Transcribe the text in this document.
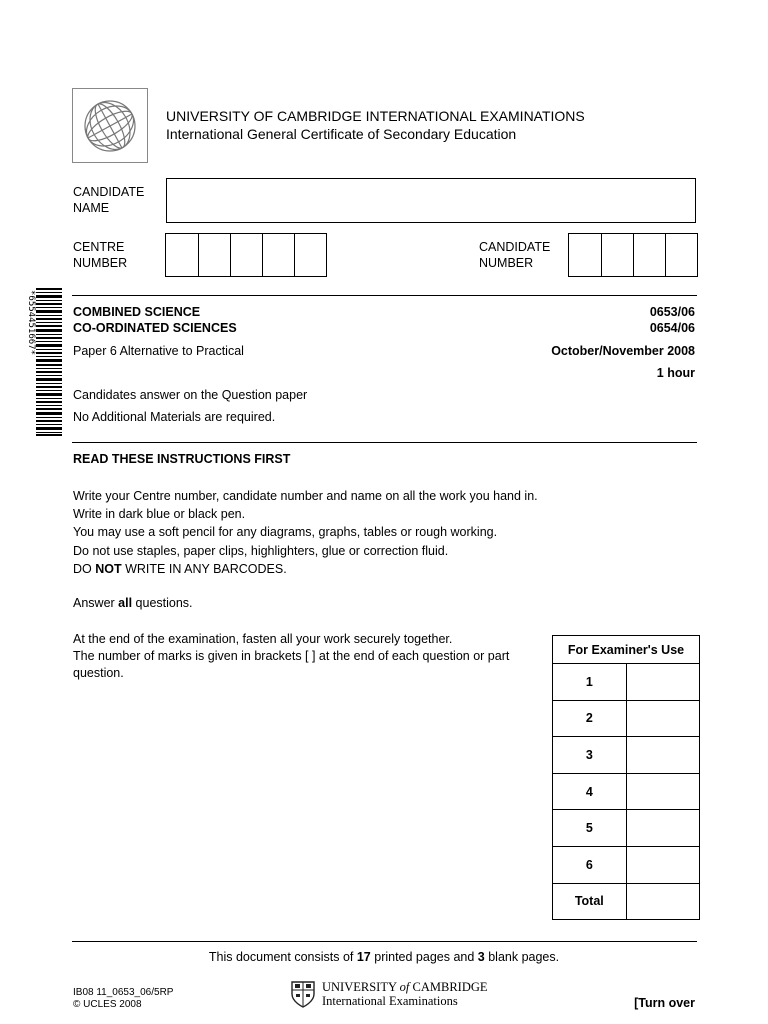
UNIVERSITY OF CAMBRIDGE INTERNATIONAL EXAMINATIONS
International General Certificate of Secondary Education
CANDIDATE
NAME
CENTRE
NUMBER
CANDIDATE
NUMBER
*6554451667*	COMBINED SCIENCE
CO-ORDINATED SCIENCES
0653/06
0654/06
Paper 6 Alternative to Practical	October/November 2008
1 hour
Candidates answer on the Question paper
No Additional Materials are required.
READ THESE INSTRUCTIONS FIRST
Write your Centre number, candidate number and name on all the work you hand in.
Write in dark blue or black pen.
You may use a soft pencil for any diagrams, graphs, tables or rough working.
Do not use staples, paper clips, highlighters, glue or correction fluid.
DO NOT WRITE IN ANY BARCODES.
Answer all questions.
At the end of the examination, fasten all your work securely together.
The number of marks is given in brackets [ ] at the end of each question or part
question.
For Examiner's Use	
1	
2	
3	
4	
5	
6	
Total	
This document consists of 17 printed pages and 3 blank pages.
IB08 11_0653_06/5RP
© UCLES 2008
UNIVERSITY of CAMBRIDGE
International Examinations	[Turn over
